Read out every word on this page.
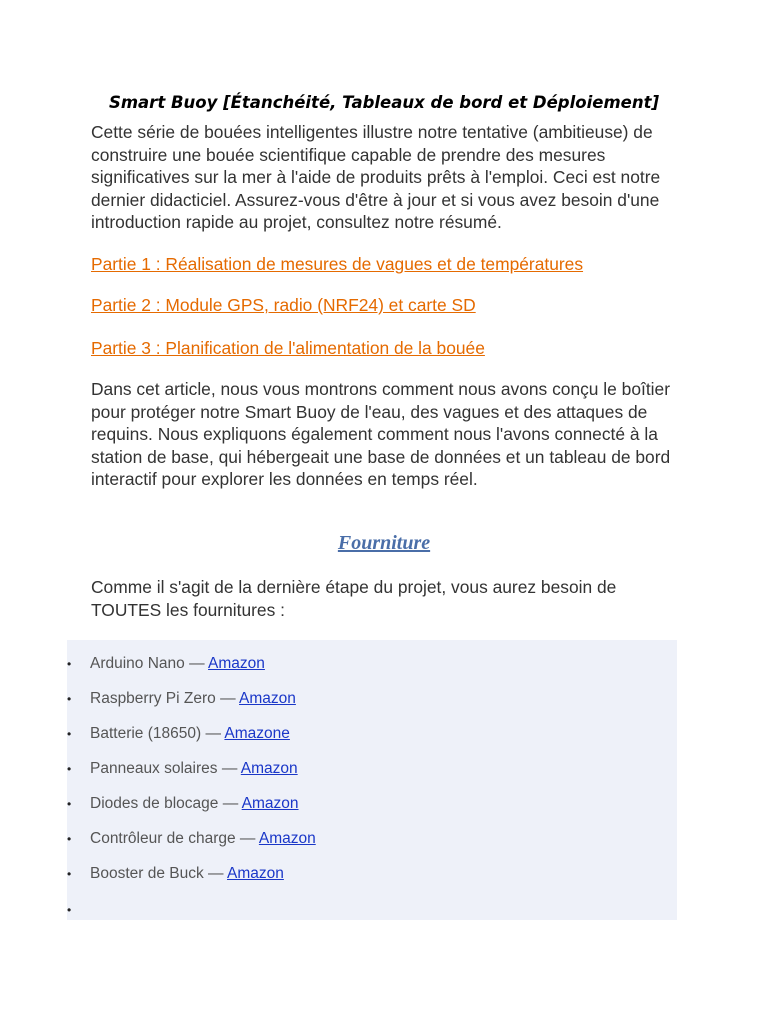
Smart Buoy [Étanchéité, Tableaux de bord et Déploiement]

Cette série de bouées intelligentes illustre notre tentative (ambitieuse) de construire une bouée scientifique capable de prendre des mesures significatives sur la mer à l'aide de produits prêts à l'emploi. Ceci est notre dernier didacticiel. Assurez-vous d'être à jour et si vous avez besoin d'une introduction rapide au projet, consultez notre résumé.

Partie 1 : Réalisation de mesures de vagues et de températures

Partie 2 : Module GPS, radio (NRF24) et carte SD

Partie 3 : Planification de l'alimentation de la bouée

Dans cet article, nous vous montrons comment nous avons conçu le boîtier pour protéger notre Smart Buoy de l'eau, des vagues et des attaques de requins. Nous expliquons également comment nous l'avons connecté à la station de base, qui hébergeait une base de données et un tableau de bord interactif pour explorer les données en temps réel.

Fourniture

Comme il s'agit de la dernière étape du projet, vous aurez besoin de TOUTES les fournitures :

•
Arduino Nano — Amazon
•
Raspberry Pi Zero — Amazon
•
Batterie (18650) — Amazone
•
Panneaux solaires — Amazon
•
Diodes de blocage — Amazon
•
Contrôleur de charge — Amazon
•
Booster de Buck — Amazon
•
